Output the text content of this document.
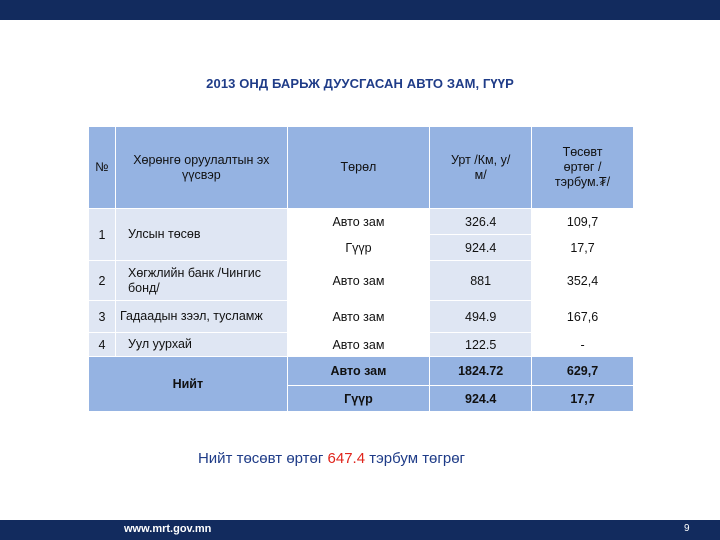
2013 ОНД БАРЬЖ ДУУСГАСАН АВТО ЗАМ, ГҮҮР
№	Хөрөнгө оруулалтын эх үүсвэр	Төрөл	Урт /Км, у/м/	Төсөвт өртөг /тэрбум.₮/
1	Улсын төсөв	Авто зам	326.4	109,7
		Гүүр	924.4	17,7
2	Хөгжлийн банк /Чингис бонд/	Авто зам	881	352,4
3	Гадаадын зээл, тусламж	Авто зам	494.9	167,6
4	Уул уурхай	Авто зам	122.5	-
Нийт		Авто зам	1824.72	629,7
		Гүүр	924.4	17,7
Нийт төсөвт өртөг 647.4 тэрбум төгрөг
www.mrt.gov.mn	9
